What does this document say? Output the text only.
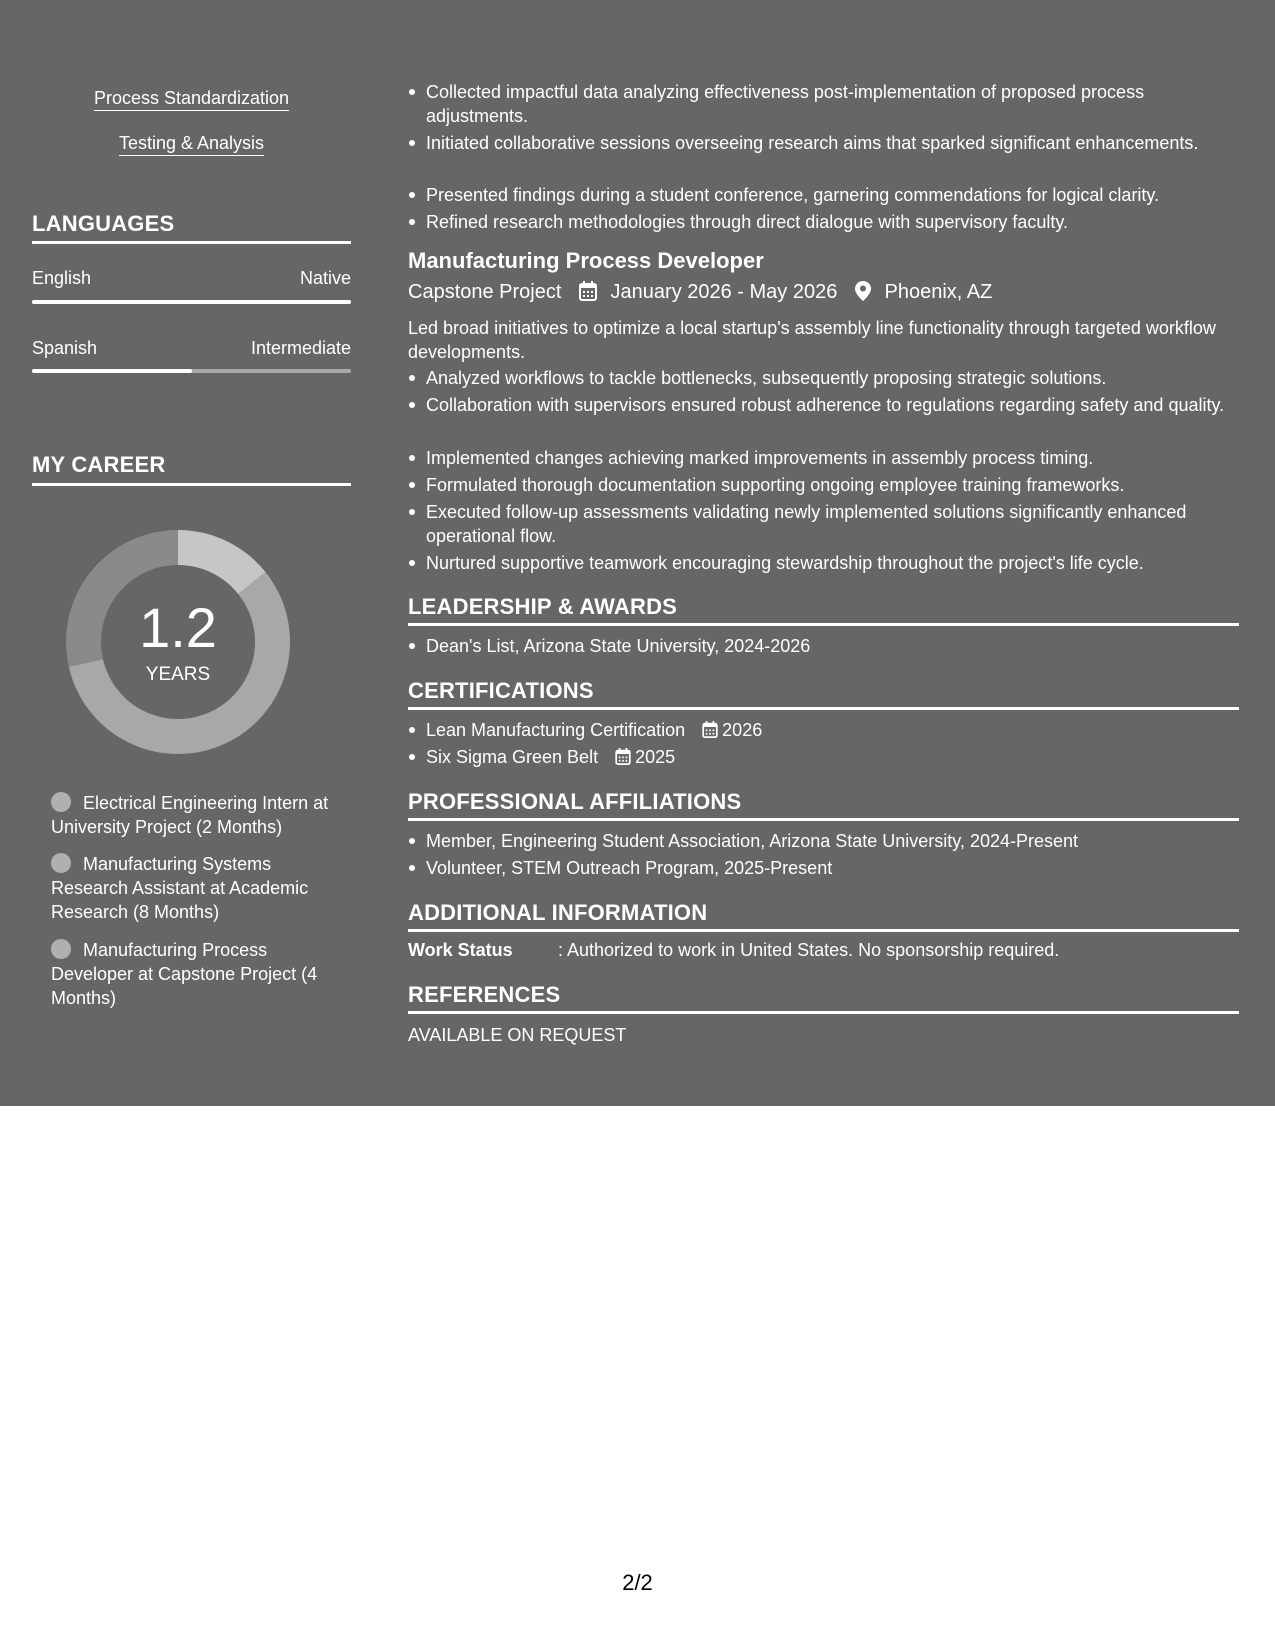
Process Standardization
Testing & Analysis
LANGUAGES
English	Native
Spanish	Intermediate
MY CAREER
1.2
YEARS
Electrical Engineering Intern at University Project (2 Months)
Manufacturing Systems Research Assistant at Academic Research (8 Months)
Manufacturing Process Developer at Capstone Project (4 Months)
Collected impactful data analyzing effectiveness post-implementation of proposed process adjustments.
Initiated collaborative sessions overseeing research aims that sparked significant enhancements.
Presented findings during a student conference, garnering commendations for logical clarity.
Refined research methodologies through direct dialogue with supervisory faculty.
Manufacturing Process Developer
Capstone Project January 2026 - May 2026 Phoenix, AZ
Led broad initiatives to optimize a local startup's assembly line functionality through targeted workflow developments.
Analyzed workflows to tackle bottlenecks, subsequently proposing strategic solutions.
Collaboration with supervisors ensured robust adherence to regulations regarding safety and quality.
Implemented changes achieving marked improvements in assembly process timing.
Formulated thorough documentation supporting ongoing employee training frameworks.
Executed follow-up assessments validating newly implemented solutions significantly enhanced operational flow.
Nurtured supportive teamwork encouraging stewardship throughout the project's life cycle.
LEADERSHIP & AWARDS
Dean's List, Arizona State University, 2024-2026
CERTIFICATIONS
Lean Manufacturing Certification 2026
Six Sigma Green Belt 2025
PROFESSIONAL AFFILIATIONS
Member, Engineering Student Association, Arizona State University, 2024-Present
Volunteer, STEM Outreach Program, 2025-Present
ADDITIONAL INFORMATION
Work Status	: Authorized to work in United States. No sponsorship required.
REFERENCES
AVAILABLE ON REQUEST
2/2
